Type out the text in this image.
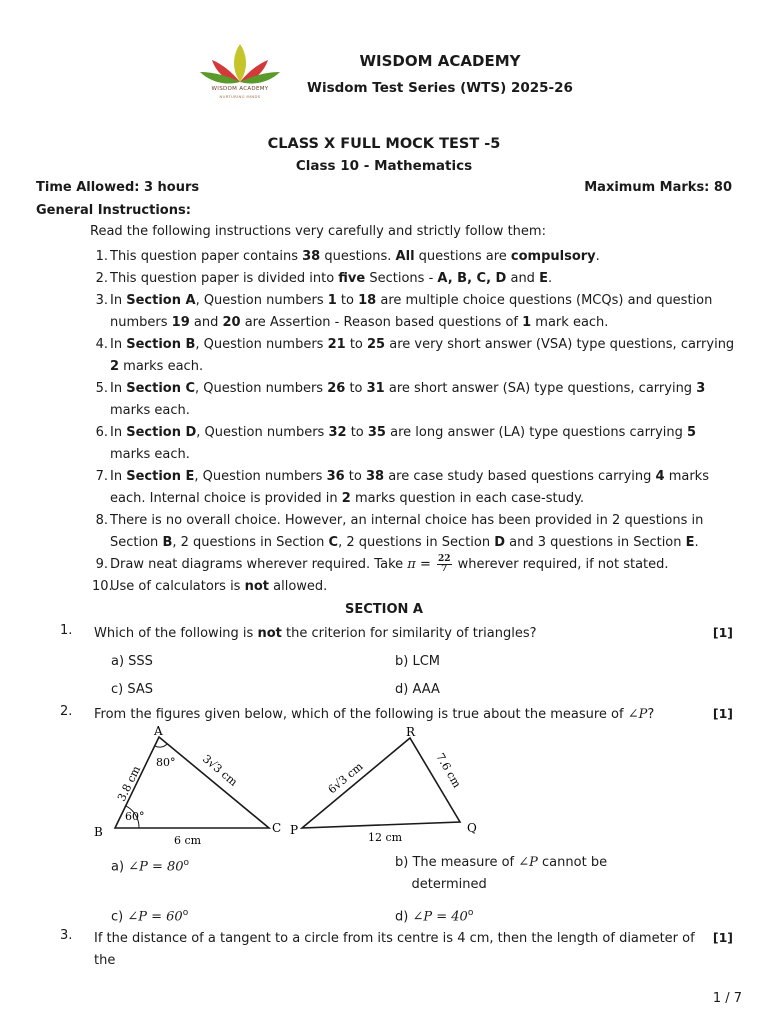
WISDOM ACADEMY
NURTURING MINDS
WISDOM ACADEMY
Wisdom Test Series (WTS) 2025-26
CLASS X FULL MOCK TEST -5
Class 10 - Mathematics
Time Allowed: 3 hours	Maximum Marks: 80
General Instructions:
Read the following instructions very carefully and strictly follow them:
1. This question paper contains 38 questions. All questions are compulsory.
2. This question paper is divided into five Sections - A, B, C, D and E.
3. In Section A, Question numbers 1 to 18 are multiple choice questions (MCQs) and question numbers 19 and 20 are Assertion - Reason based questions of 1 mark each.
4. In Section B, Question numbers 21 to 25 are very short answer (VSA) type questions, carrying 2 marks each.
5. In Section C, Question numbers 26 to 31 are short answer (SA) type questions, carrying 3 marks each.
6. In Section D, Question numbers 32 to 35 are long answer (LA) type questions carrying 5 marks each.
7. In Section E, Question numbers 36 to 38 are case study based questions carrying 4 marks each. Internal choice is provided in 2 marks question in each case-study.
8. There is no overall choice. However, an internal choice has been provided in 2 questions in Section B, 2 questions in Section C, 2 questions in Section D and 3 questions in Section E.
9. Draw neat diagrams wherever required. Take $\pi = \frac{22}{7}$ wherever required, if not stated.
10.
Use of calculators is not allowed.
SECTION A
1. Which of the following is not the criterion for similarity of triangles?	[1]
a) SSS	b) LCM
c) SAS	d) AAA
2. From the figures given below, which of the following is true about the measure of ∠P?	[1]
A
B	C
60°
80°
3.8 cm	3√3 cm
6 cm
R
P	Q
6√3 cm	7.6 cm
12 cm
a) ∠P = $80^o$	b) The measure of ∠P cannot be
determined
c) ∠P = $60^o$	d) ∠P = $40^o$
3. If the distance of a tangent to a circle from its centre is 4 cm, then the length of diameter of the
[1]
1 / 7
